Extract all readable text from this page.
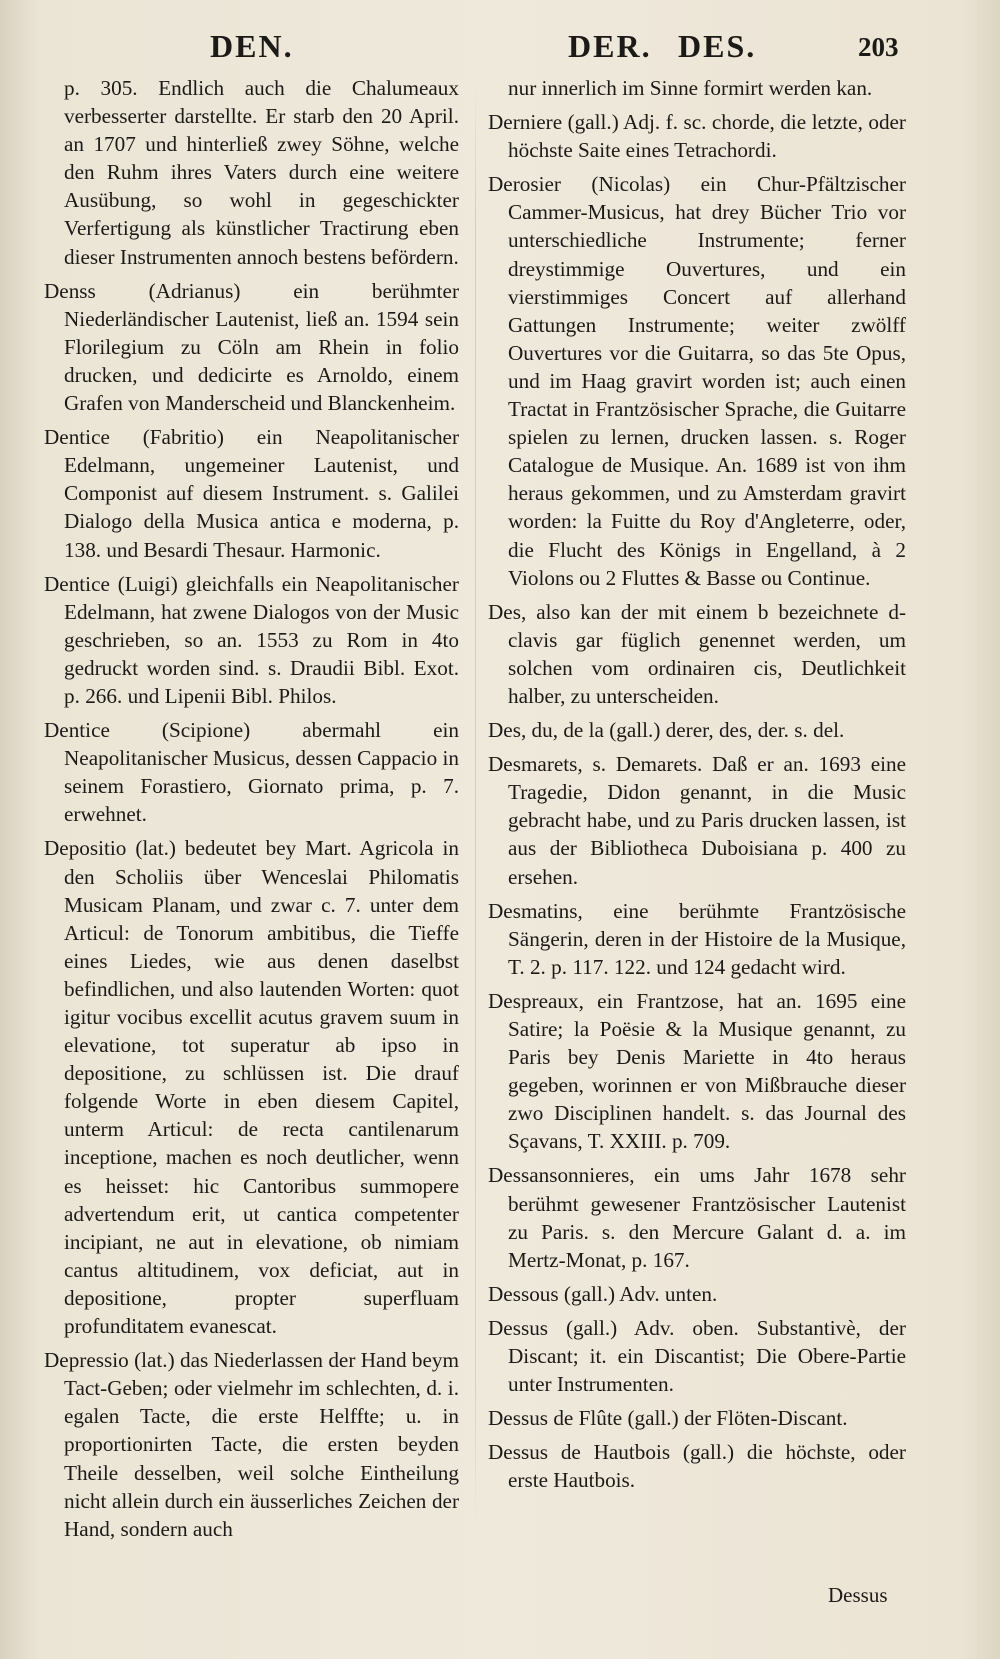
DEN.	DER. DES.	203

p. 305. Endlich auch die Chalumeaux verbesserter darstellte. Er starb den 20 April. an 1707 und hinterließ zwey Söhne, welche den Ruhm ihres Vaters durch eine weitere Ausübung, so wohl in gegeschickter Verfertigung als künstlicher Tractirung eben dieser Instrumenten annoch bestens befördern.

Denss (Adrianus) ein berühmter Niederländischer Lautenist, ließ an. 1594 sein Florilegium zu Cöln am Rhein in folio drucken, und dedicirte es Arnoldo, einem Grafen von Manderscheid und Blanckenheim.

Dentice (Fabritio) ein Neapolitanischer Edelmann, ungemeiner Lautenist, und Componist auf diesem Instrument. s. Galilei Dialogo della Musica antica e moderna, p. 138. und Besardi Thesaur. Harmonic.

Dentice (Luigi) gleichfalls ein Neapolitanischer Edelmann, hat zwene Dialogos von der Music geschrieben, so an. 1553 zu Rom in 4to gedruckt worden sind. s. Draudii Bibl. Exot. p. 266. und Lipenii Bibl. Philos.

Dentice (Scipione) abermahl ein Neapolitanischer Musicus, dessen Cappacio in seinem Forastiero, Giornato prima, p. 7. erwehnet.

Depositio (lat.) bedeutet bey Mart. Agricola in den Scholiis über Wenceslai Philomatis Musicam Planam, und zwar c. 7. unter dem Articul: de Tonorum ambitibus, die Tieffe eines Liedes, wie aus denen daselbst befindlichen, und also lautenden Worten: quot igitur vocibus excellit acutus gravem suum in elevatione, tot superatur ab ipso in depositione, zu schlüssen ist. Die drauf folgende Worte in eben diesem Capitel, unterm Articul: de recta cantilenarum inceptione, machen es noch deutlicher, wenn es heisset: hic Cantoribus summopere advertendum erit, ut cantica competenter incipiant, ne aut in elevatione, ob nimiam cantus altitudinem, vox deficiat, aut in depositione, propter superfluam profunditatem evanescat.

Depressio (lat.) das Niederlassen der Hand beym Tact-Geben; oder vielmehr im schlechten, d. i. egalen Tacte, die erste Helffte; u. in proportionirten Tacte, die ersten beyden Theile desselben, weil solche Eintheilung nicht allein durch ein äusserliches Zeichen der Hand, sondern auch

nur innerlich im Sinne formirt werden kan.

Derniere (gall.) Adj. f. sc. chorde, die letzte, oder höchste Saite eines Tetrachordi.

Derosier (Nicolas) ein Chur-Pfältzischer Cammer-Musicus, hat drey Bücher Trio vor unterschiedliche Instrumente; ferner dreystimmige Ouvertures, und ein vierstimmiges Concert auf allerhand Gattungen Instrumente; weiter zwölff Ouvertures vor die Guitarra, so das 5te Opus, und im Haag gravirt worden ist; auch einen Tractat in Frantzösischer Sprache, die Guitarre spielen zu lernen, drucken lassen. s. Roger Catalogue de Musique. An. 1689 ist von ihm heraus gekommen, und zu Amsterdam gravirt worden: la Fuitte du Roy d'Angleterre, oder, die Flucht des Königs in Engelland, à 2 Violons ou 2 Fluttes & Basse ou Continue.

Des, also kan der mit einem b bezeichnete d-clavis gar füglich genennet werden, um solchen vom ordinairen cis, Deutlichkeit halber, zu unterscheiden.

Des, du, de la (gall.) derer, des, der. s. del.

Desmarets, s. Demarets. Daß er an. 1693 eine Tragedie, Didon genannt, in die Music gebracht habe, und zu Paris drucken lassen, ist aus der Bibliotheca Duboisiana p. 400 zu ersehen.

Desmatins, eine berühmte Frantzösische Sängerin, deren in der Histoire de la Musique, T. 2. p. 117. 122. und 124 gedacht wird.

Despreaux, ein Frantzose, hat an. 1695 eine Satire; la Poësie & la Musique genannt, zu Paris bey Denis Mariette in 4to heraus gegeben, worinnen er von Mißbrauche dieser zwo Disciplinen handelt. s. das Journal des Sçavans, T. XXIII. p. 709.

Dessansonnieres, ein ums Jahr 1678 sehr berühmt gewesener Frantzösischer Lautenist zu Paris. s. den Mercure Galant d. a. im Mertz-Monat, p. 167.

Dessous (gall.) Adv. unten.

Dessus (gall.) Adv. oben. Substantivè, der Discant; it. ein Discantist; Die Obere-Partie unter Instrumenten.

Dessus de Flûte (gall.) der Flöten-Discant.

Dessus de Hautbois (gall.) die höchste, oder erste Hautbois.

Dessus
